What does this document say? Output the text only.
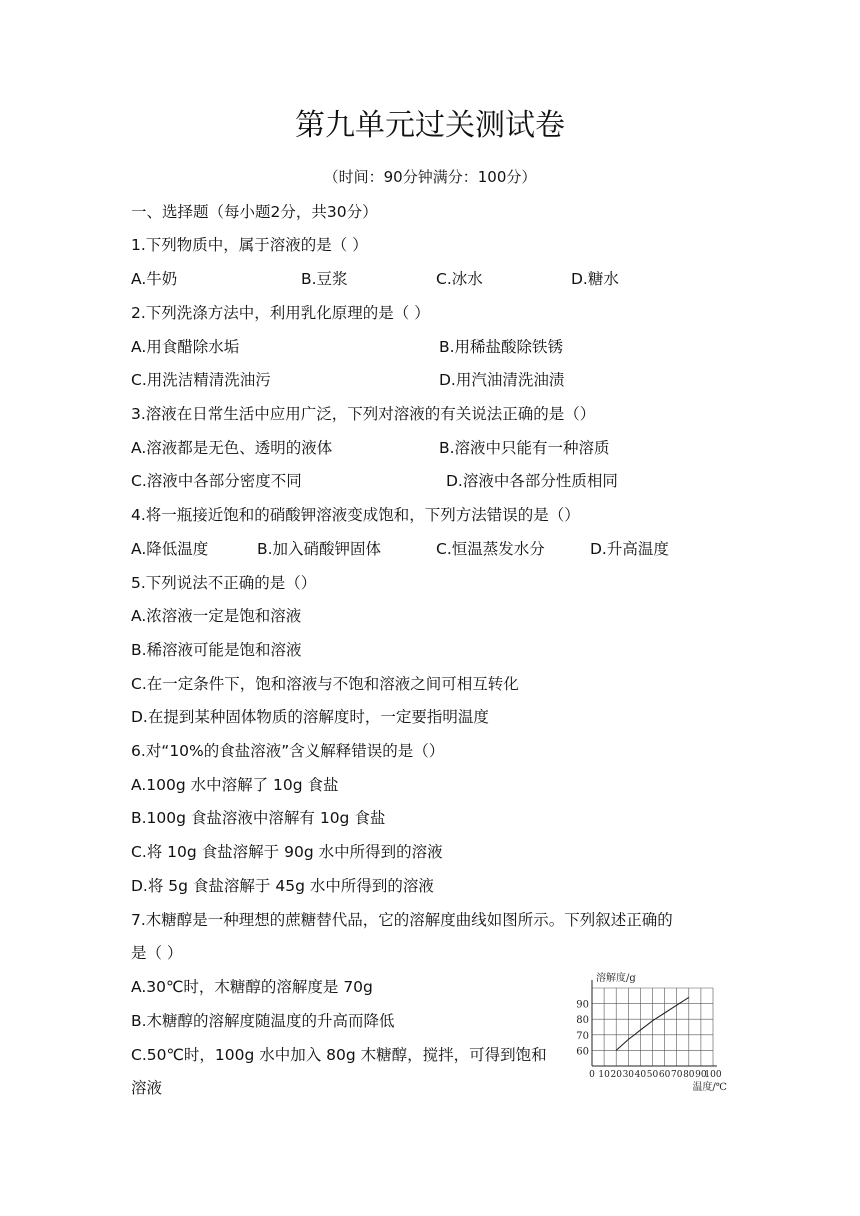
第九单元过关测试卷
（时间：90分钟满分：100分）
一、选择题（每小题2分，共30分）
1.下列物质中，属于溶液的是（ ）
A.牛奶	B.豆浆	C.冰水	D.糖水
2.下列洗涤方法中，利用乳化原理的是（ ）
A.用食醋除水垢	B.用稀盐酸除铁锈
C.用洗洁精清洗油污	D.用汽油清洗油渍
3.溶液在日常生活中应用广泛，下列对溶液的有关说法正确的是（）
A.溶液都是无色、透明的液体	B.溶液中只能有一种溶质
C.溶液中各部分密度不同	D.溶液中各部分性质相同
4.将一瓶接近饱和的硝酸钾溶液变成饱和，下列方法错误的是（）
A.降低温度	B.加入硝酸钾固体	C.恒温蒸发水分	D.升高温度
5.下列说法不正确的是（）
A.浓溶液一定是饱和溶液
B.稀溶液可能是饱和溶液
C.在一定条件下，饱和溶液与不饱和溶液之间可相互转化
D.在提到某种固体物质的溶解度时，一定要指明温度
6.对“10%的食盐溶液”含义解释错误的是（）
A.100g 水中溶解了 10g 食盐
B.100g 食盐溶液中溶解有 10g 食盐
C.将 10g 食盐溶解于 90g 水中所得到的溶液
D.将 5g 食盐溶解于 45g 水中所得到的溶液
7.木糖醇是一种理想的蔗糖替代品，它的溶解度曲线如图所示。下列叙述正确的
是（ ）
A.30℃时，木糖醇的溶解度是 70g
B.木糖醇的溶解度随温度的升高而降低
C.50℃时，100g 水中加入 80g 木糖醇，搅拌，可得到饱和
溶液
60
70
80
90
0 10 20 30 40 50 60 70 80 90
100
溶解度/g
温度/℃
